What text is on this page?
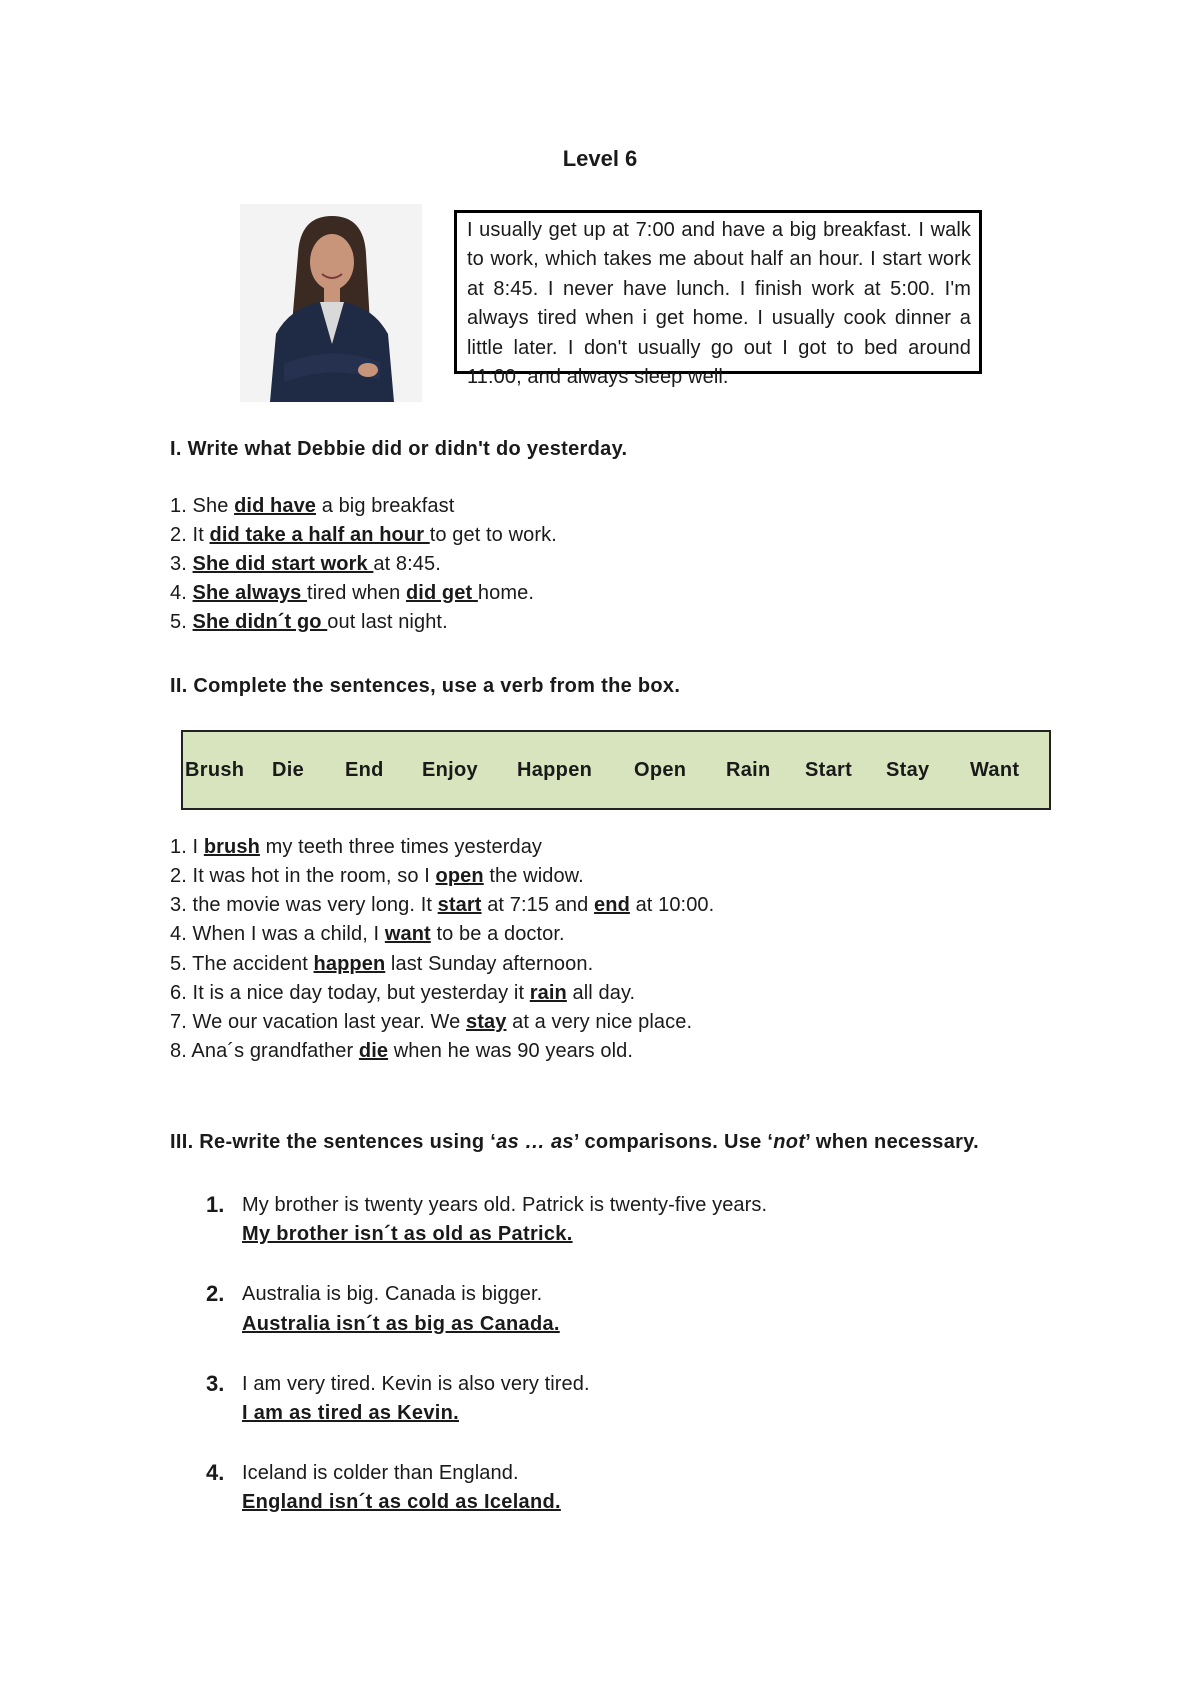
Level 6
I usually get up at 7:00 and have a big breakfast. I walk to work, which takes me about half an hour. I start work at 8:45. I never have lunch. I finish work at 5:00. I'm always tired when i get home. I usually cook dinner a little later. I don't usually go out I got to bed around 11:00, and always sleep well.
I. Write what Debbie did or didn't do yesterday.
1. She did have a big breakfast
2. It did take a half an hour to get to work.
3. She did start work at 8:45.
4. She always tired when did get home.
5. She didn´t go out last night.
II. Complete the sentences, use a verb from the box.
Brush Die End Enjoy Happen Open Rain Start Stay Want
1. I brush my teeth three times yesterday
2. It was hot in the room, so I open the widow.
3. the movie was very long. It start at 7:15 and end at 10:00.
4. When I was a child, I want to be a doctor.
5. The accident happen last Sunday afternoon.
6. It is a nice day today, but yesterday it rain all day.
7. We our vacation last year. We stay at a very nice place.
8. Ana´s grandfather die when he was 90 years old.
III. Re-write the sentences using ‘as … as’ comparisons. Use ‘not’ when necessary.
1. My brother is twenty years old. Patrick is twenty-five years.
My brother isn´t as old as Patrick.
2. Australia is big. Canada is bigger.
Australia isn´t as big as Canada.
3. I am very tired. Kevin is also very tired.
I am as tired as Kevin.
4. Iceland is colder than England.
England isn´t as cold as Iceland.
